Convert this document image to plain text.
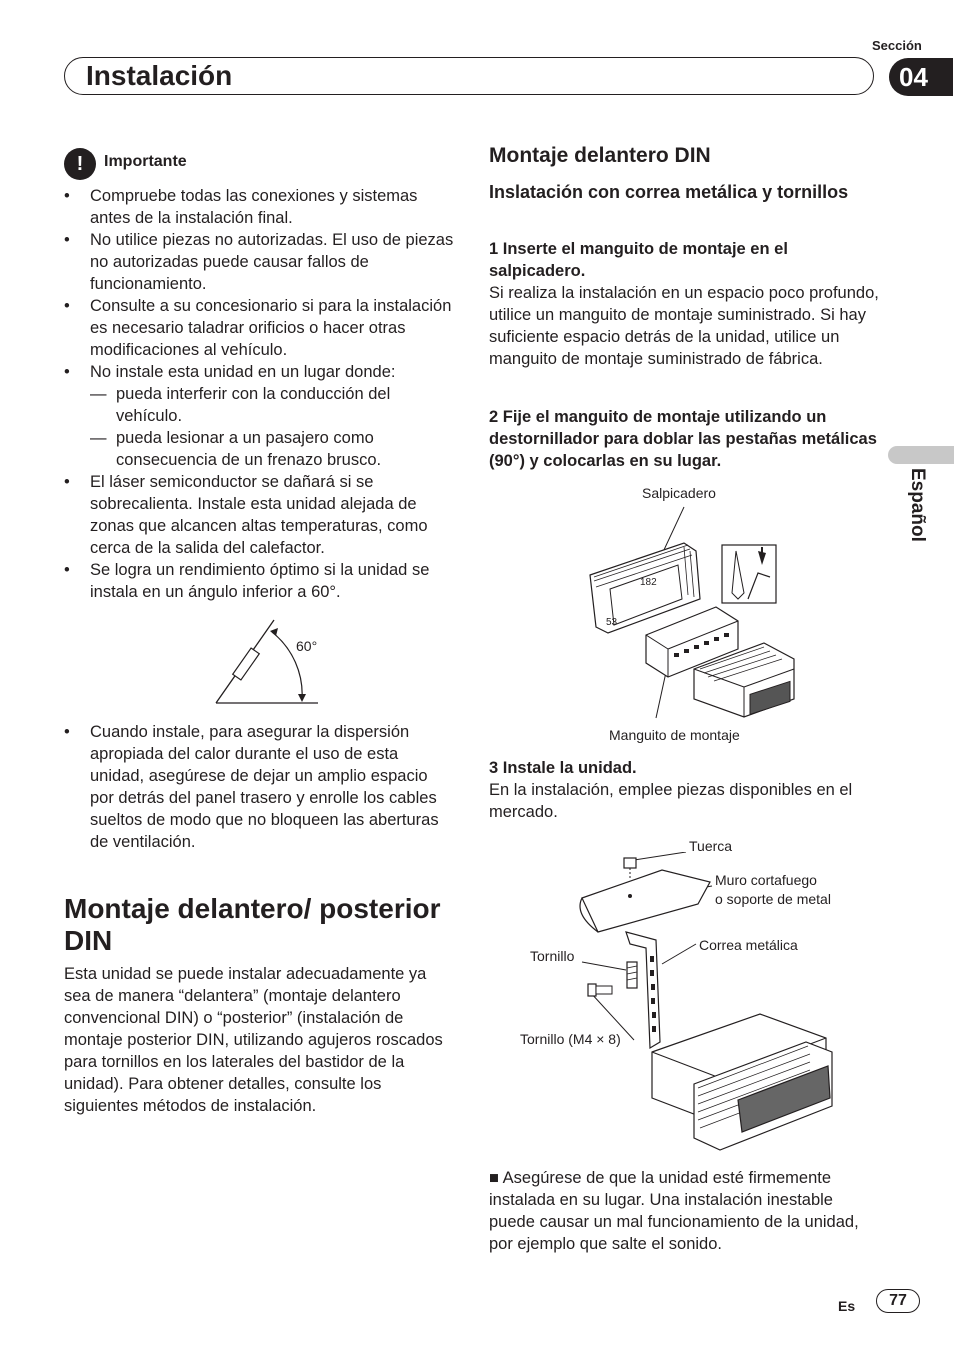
Sección
Instalación	04
Español
!	Importante
• Compruebe todas las conexiones y sistemas antes de la instalación final.
• No utilice piezas no autorizadas. El uso de piezas no autorizadas puede causar fallos de funcionamiento.
• Consulte a su concesionario si para la instalación es necesario taladrar orificios o hacer otras modificaciones al vehículo.
• No instale esta unidad en un lugar donde:
— pueda interferir con la conducción del vehículo.
— pueda lesionar a un pasajero como consecuencia de un frenazo brusco.
• El láser semiconductor se dañará si se sobrecalienta. Instale esta unidad alejada de zonas que alcancen altas temperaturas, como cerca de la salida del calefactor.
• Se logra un rendimiento óptimo si la unidad se instala en un ángulo inferior a 60°.
60°
• Cuando instale, para asegurar la dispersión apropiada del calor durante el uso de esta unidad, asegúrese de dejar un amplio espacio por detrás del panel trasero y enrolle los cables sueltos de modo que no bloqueen las aberturas de ventilación.
Montaje delantero/ posterior DIN
Esta unidad se puede instalar adecuadamente ya sea de manera “delantera” (montaje delantero convencional DIN) o “posterior” (instalación de montaje posterior DIN, utilizando agujeros roscados para tornillos en los laterales del bastidor de la unidad). Para obtener detalles, consulte los siguientes métodos de instalación.
Montaje delantero DIN
Inslatación con correa metálica y tornillos
1 Inserte el manguito de montaje en el salpicadero.
Si realiza la instalación en un espacio poco profundo, utilice un manguito de montaje suministrado. Si hay suficiente espacio detrás de la unidad, utilice un manguito de montaje suministrado de fábrica.
2 Fije el manguito de montaje utilizando un destornillador para doblar las pestañas metálicas (90°) y colocarlas en su lugar.
Salpicadero
182
53
Manguito de montaje
3 Instale la unidad.
En la instalación, emplee piezas disponibles en el mercado.
Tuerca
Muro cortafuego
o soporte de metal
Correa metálica
Tornillo
Tornillo (M4 × 8)
■ Asegúrese de que la unidad esté firmemente instalada en su lugar. Una instalación inestable puede causar un mal funcionamiento de la unidad, por ejemplo que salte el sonido.
Es	77
